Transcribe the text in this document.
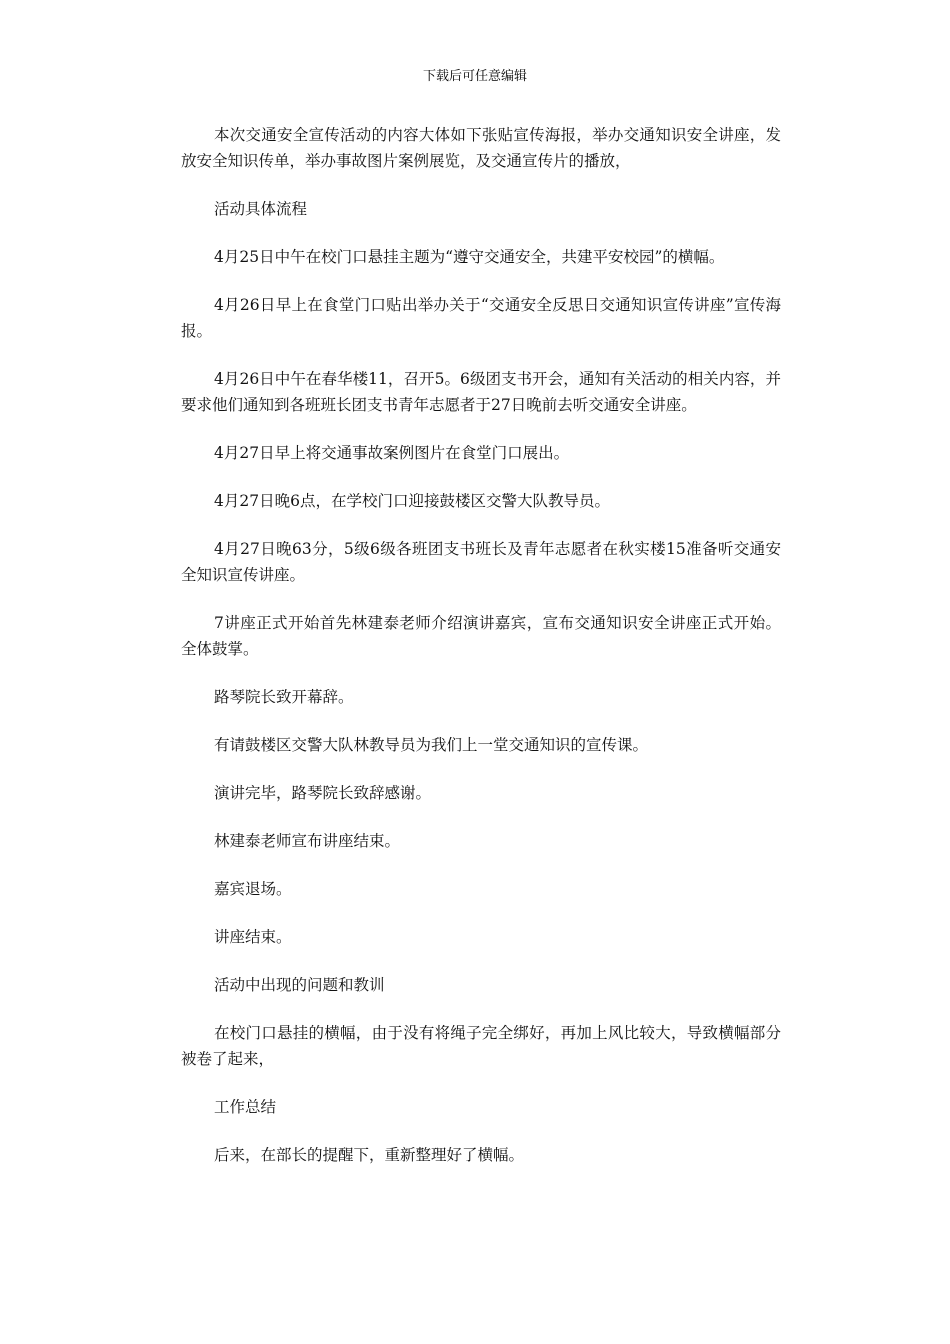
下载后可任意编辑

本次交通安全宣传活动的内容大体如下张贴宣传海报，举办交通知识安全讲座，发放安全知识传单，举办事故图片案例展览，及交通宣传片的播放，

活动具体流程

4月25日中午在校门口悬挂主题为“遵守交通安全，共建平安校园”的横幅。

4月26日早上在食堂门口贴出举办关于“交通安全反思日交通知识宣传讲座”宣传海报。

4月26日中午在春华楼11，召开5。6级团支书开会，通知有关活动的相关内容，并要求他们通知到各班班长团支书青年志愿者于27日晚前去听交通安全讲座。

4月27日早上将交通事故案例图片在食堂门口展出。

4月27日晚6点，在学校门口迎接鼓楼区交警大队教导员。

4月27日晚63分，5级6级各班团支书班长及青年志愿者在秋实楼15准备听交通安全知识宣传讲座。

7讲座正式开始首先林建泰老师介绍演讲嘉宾，宣布交通知识安全讲座正式开始。全体鼓掌。

路琴院长致开幕辞。

有请鼓楼区交警大队林教导员为我们上一堂交通知识的宣传课。

演讲完毕，路琴院长致辞感谢。

林建泰老师宣布讲座结束。

嘉宾退场。

讲座结束。

活动中出现的问题和教训

在校门口悬挂的横幅，由于没有将绳子完全绑好，再加上风比较大，导致横幅部分被卷了起来，

工作总结

后来，在部长的提醒下，重新整理好了横幅。
